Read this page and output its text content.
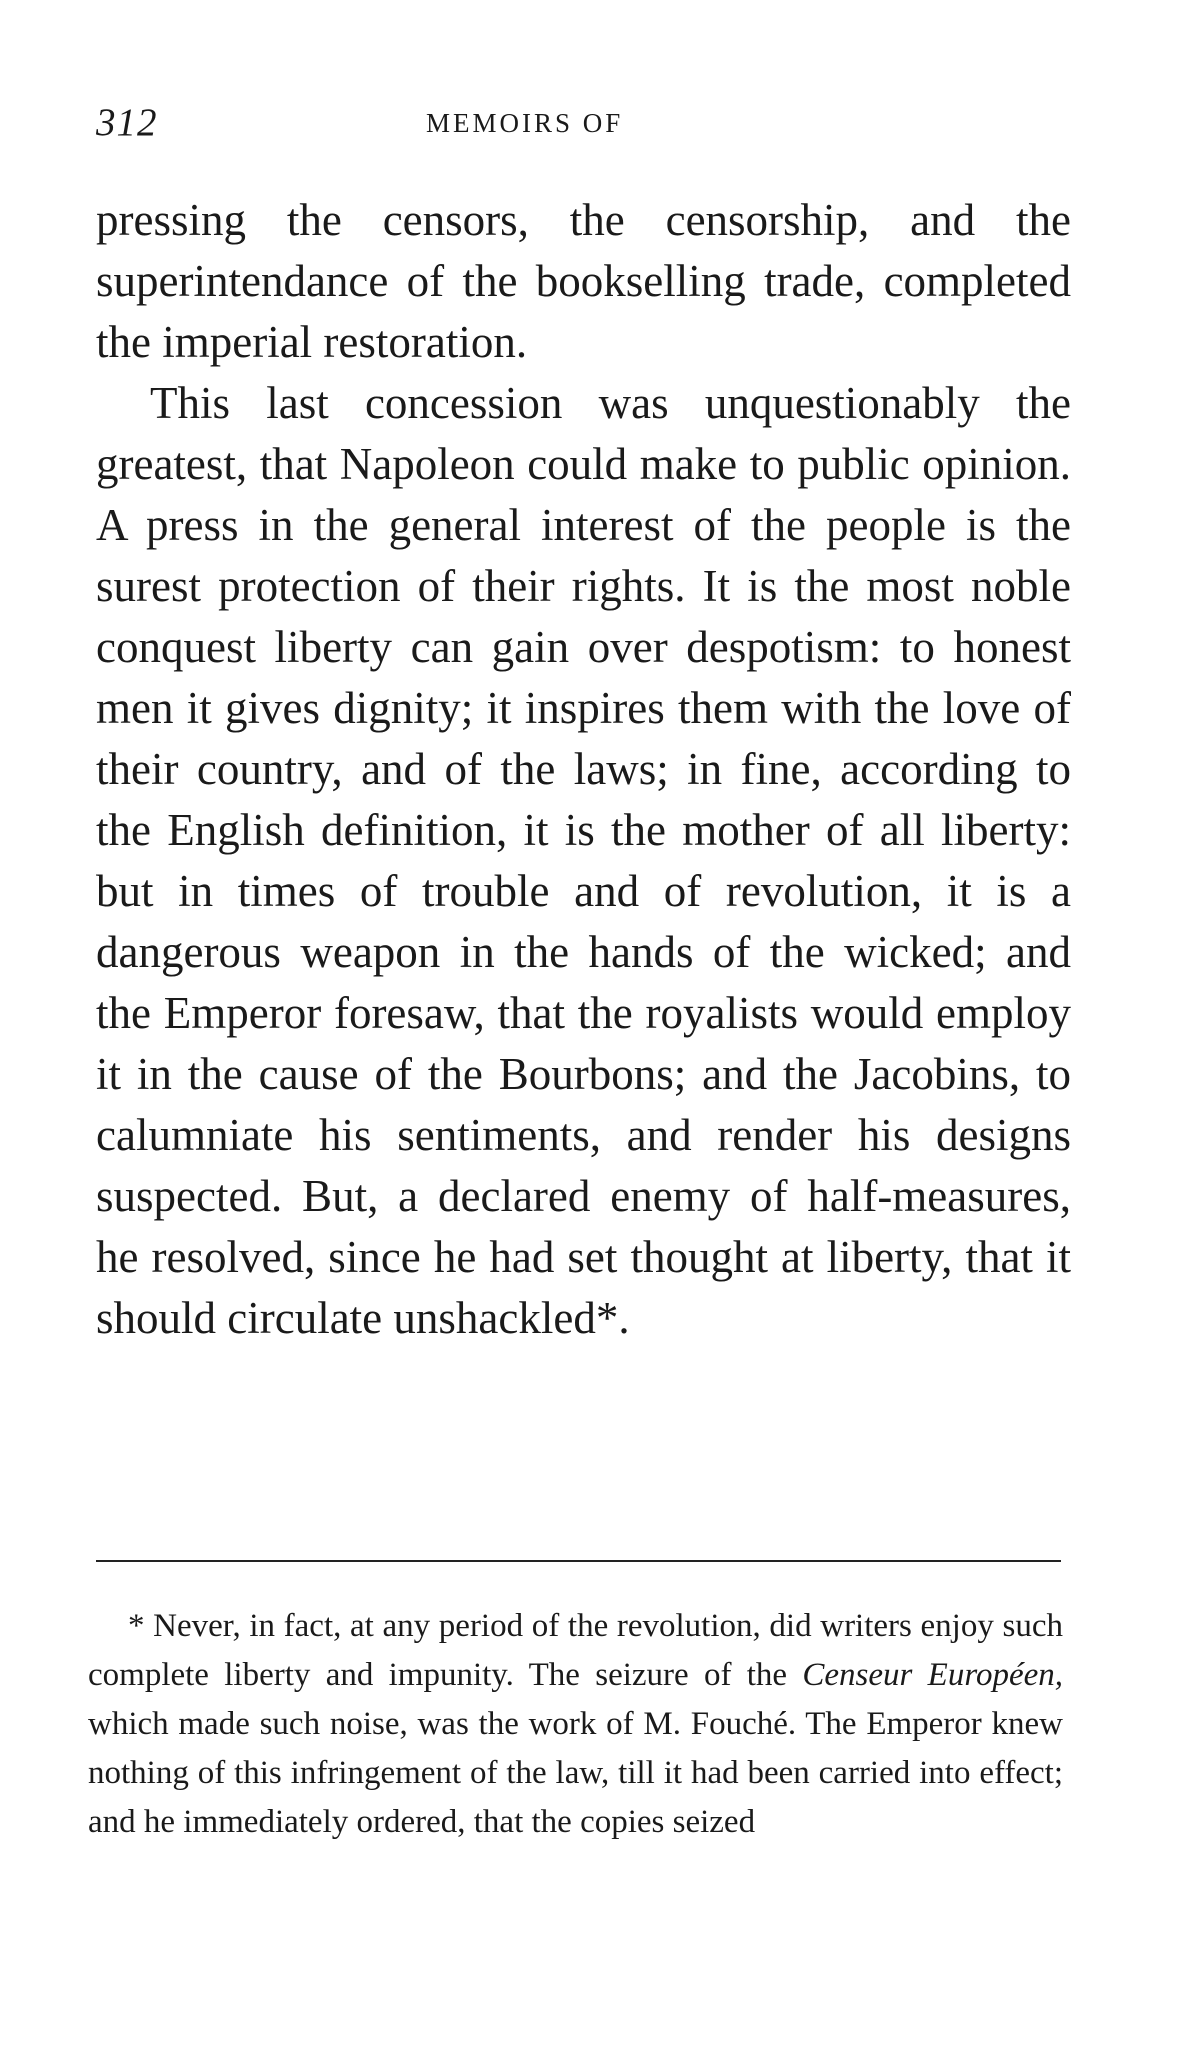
312	MEMOIRS OF

pressing the censors, the censorship, and the superintendance of the bookselling trade, completed the imperial restoration.

This last concession was unquestionably the greatest, that Napoleon could make to public opinion. A press in the general interest of the people is the surest protection of their rights. It is the most noble conquest liberty can gain over despotism: to honest men it gives dignity; it inspires them with the love of their country, and of the laws; in fine, according to the English definition, it is the mother of all liberty: but in times of trouble and of revolution, it is a dangerous weapon in the hands of the wicked; and the Emperor foresaw, that the royalists would employ it in the cause of the Bourbons; and the Jacobins, to calumniate his sentiments, and render his designs suspected. But, a declared enemy of half-measures, he resolved, since he had set thought at liberty, that it should circulate unshackled*.

* Never, in fact, at any period of the revolution, did writers enjoy such complete liberty and impunity. The seizure of the Censeur Européen, which made such noise, was the work of M. Fouché. The Emperor knew nothing of this infringement of the law, till it had been carried into effect; and he immediately ordered, that the copies seized
